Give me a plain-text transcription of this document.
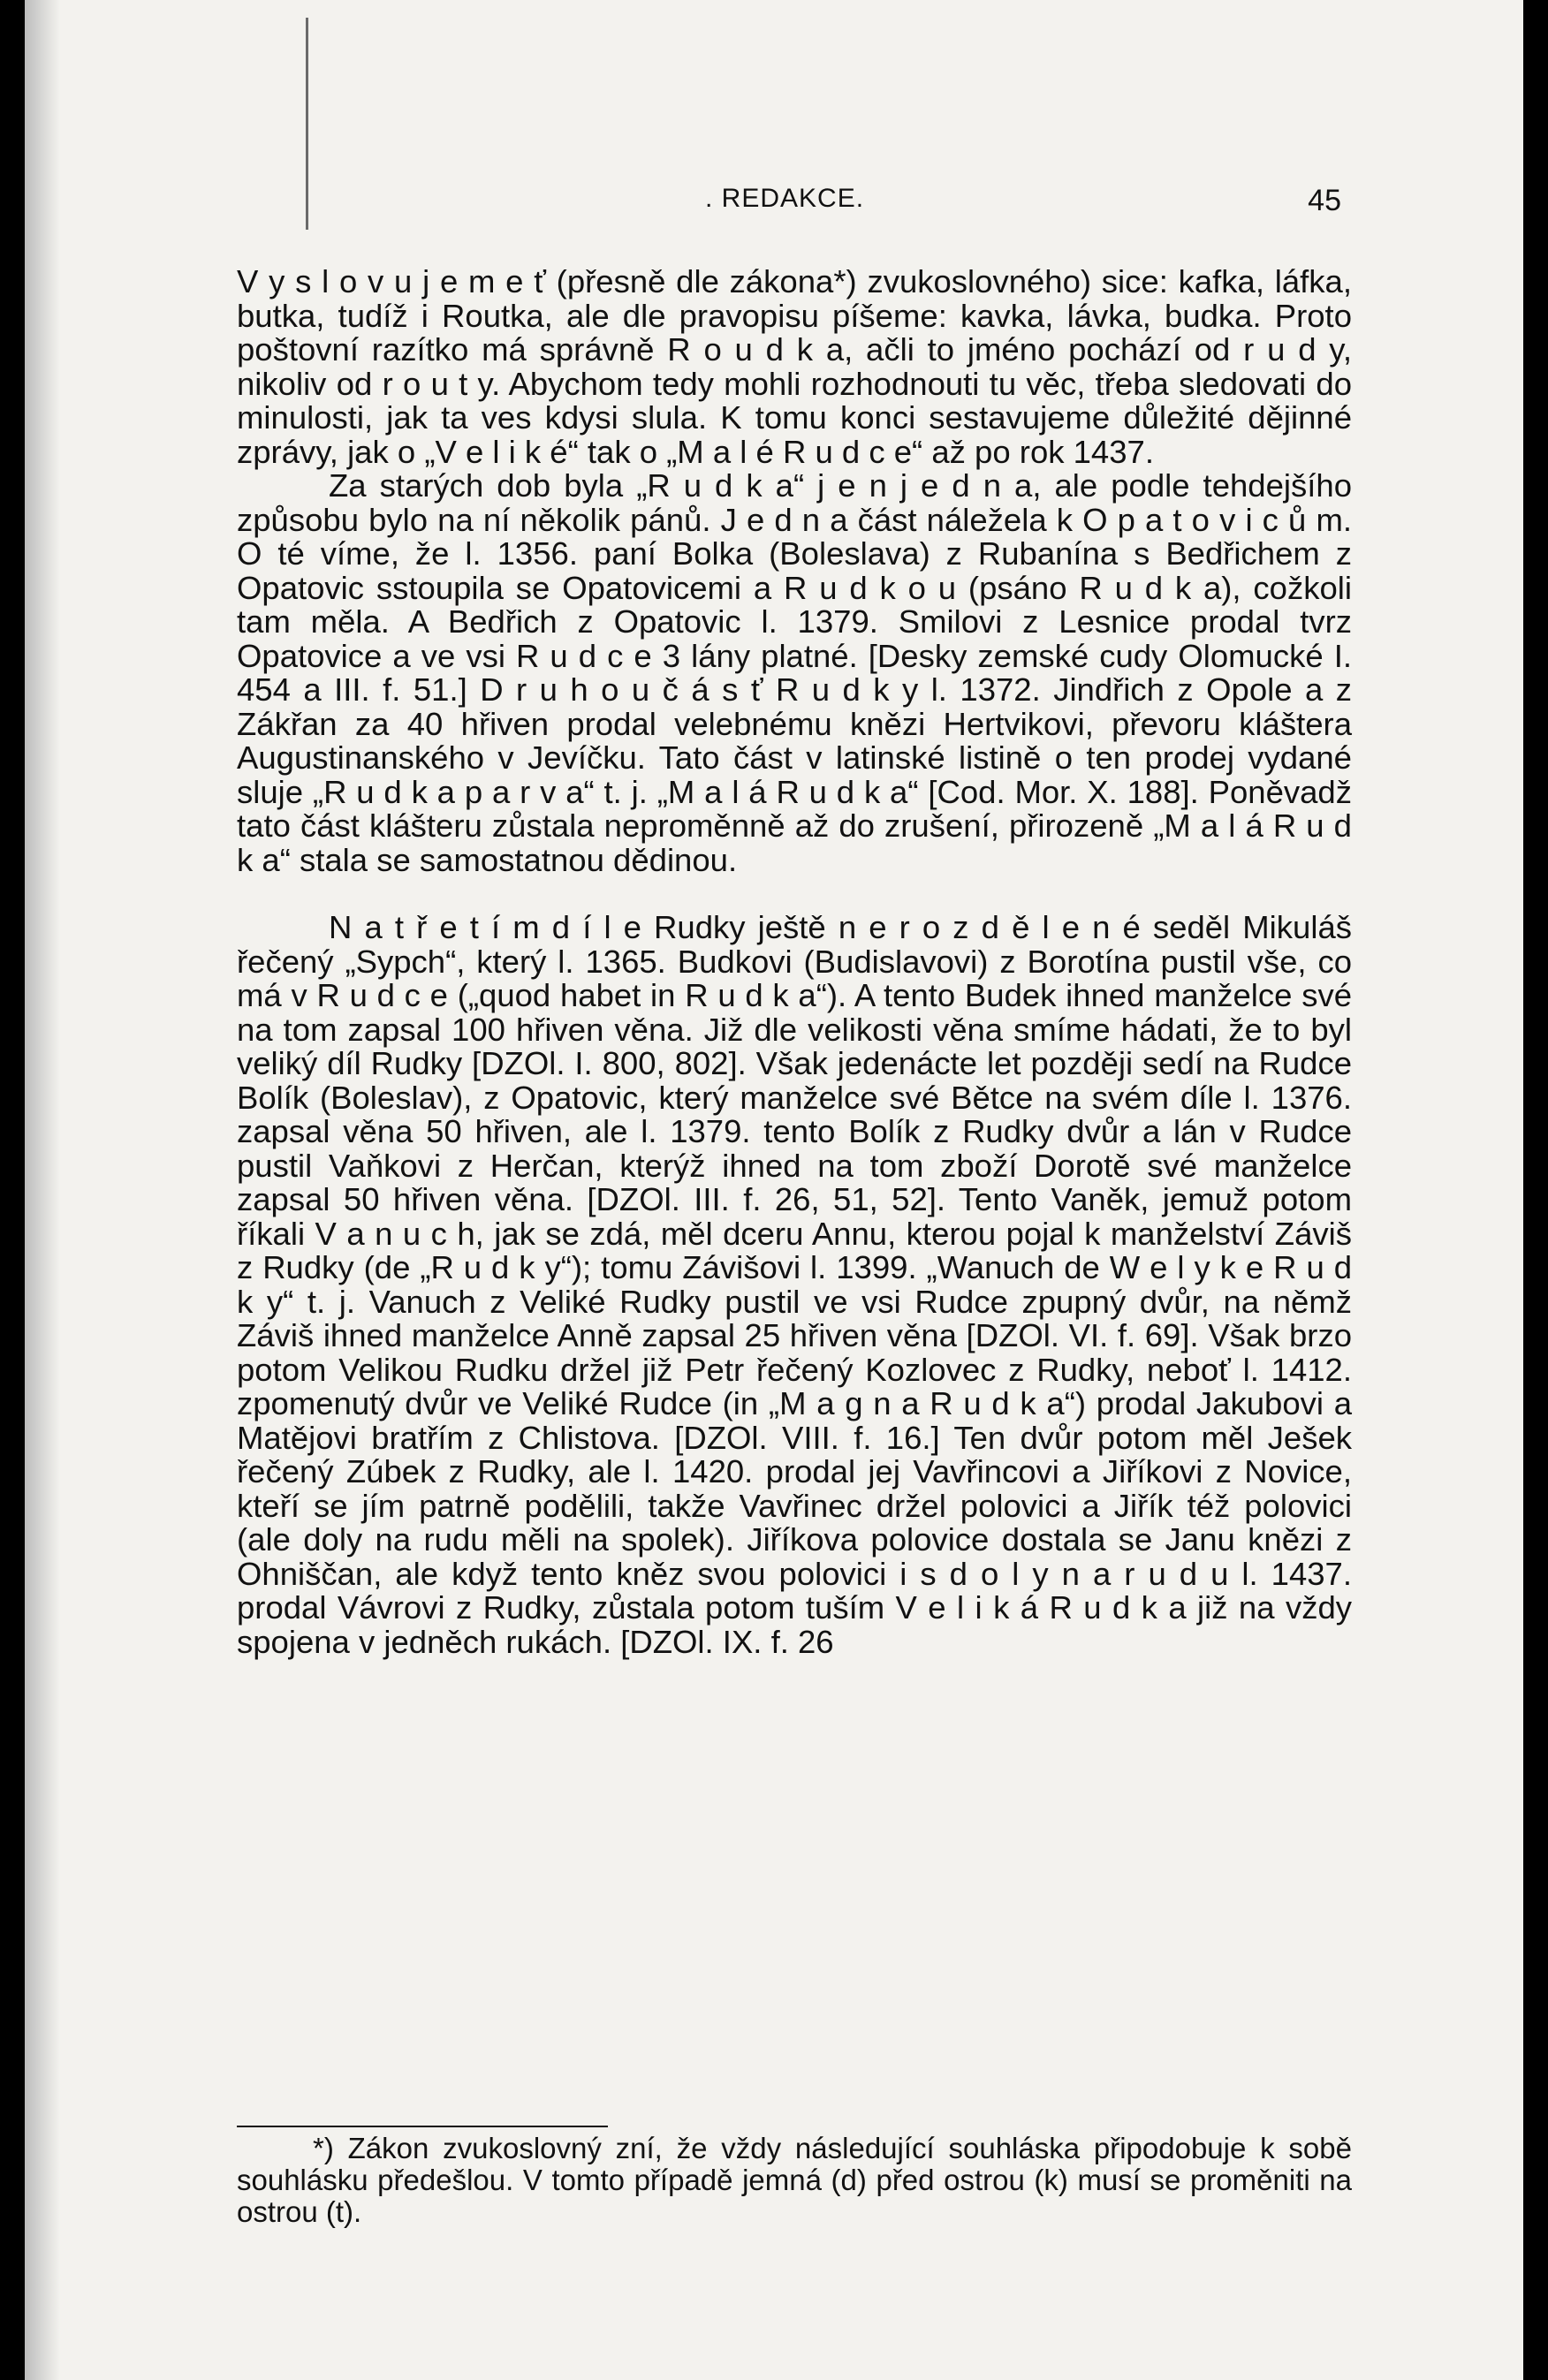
. REDAKCE.	45

V y s l o v u j e m e ť (přesně dle zákona*) zvukoslovného) sice: kafka, láfka, butka, tudíž i Routka, ale dle pravopisu píšeme: kavka, lávka, budka. Proto poštovní razítko má správně R o u d k a, ačli to jméno pochází od r u d y, nikoliv od r o u t y. Abychom tedy mohli rozhodnouti tu věc, třeba sledovati do minulosti, jak ta ves kdysi slula. K tomu konci sestavujeme důležité dějinné zprávy, jak o „V e l i k é“ tak o „M a l é R u d c e“ až po rok 1437.

Za starých dob byla „R u d k a“ j e n j e d n a, ale podle tehdejšího způsobu bylo na ní několik pánů. J e d n a část náležela k O p a t o v i c ů m. O té víme, že l. 1356. paní Bolka (Boleslava) z Rubanína s Bedřichem z Opatovic sstoupila se Opatovicemi a R u d k o u (psáno R u d k a), cožkoli tam měla. A Bedřich z Opatovic l. 1379. Smilovi z Lesnice prodal tvrz Opatovice a ve vsi R u d c e 3 lány platné. [Desky zemské cudy Olomucké I. 454 a III. f. 51.] D r u h o u č á s ť R u d k y l. 1372. Jindřich z Opole a z Zákřan za 40 hřiven prodal velebnému knězi Hertvikovi, převoru kláštera Augustinanského v Jevíčku. Tato část v latinské listině o ten prodej vydané sluje „R u d k a p a r v a“ t. j. „M a l á R u d k a“ [Cod. Mor. X. 188]. Poněvadž tato část klášteru zůstala neproměnně až do zrušení, přirozeně „M a l á R u d k a“ stala se samostatnou dědinou.

N a t ř e t í m d í l e Rudky ještě n e r o z d ě l e n é seděl Mikuláš řečený „Sypch“, který l. 1365. Budkovi (Budislavovi) z Borotína pustil vše, co má v R u d c e („quod habet in R u d k a“). A tento Budek ihned manželce své na tom zapsal 100 hřiven věna. Již dle velikosti věna smíme hádati, že to byl veliký díl Rudky [DZOl. I. 800, 802]. Však jedenácte let později sedí na Rudce Bolík (Boleslav), z Opatovic, který manželce své Bětce na svém díle l. 1376. zapsal věna 50 hřiven, ale l. 1379. tento Bolík z Rudky dvůr a lán v Rudce pustil Vaňkovi z Herčan, kterýž ihned na tom zboží Dorotě své manželce zapsal 50 hřiven věna. [DZOl. III. f. 26, 51, 52]. Tento Vaněk, jemuž potom říkali V a n u c h, jak se zdá, měl dceru Annu, kterou pojal k manželství Záviš z Rudky (de „R u d k y“); tomu Závišovi l. 1399. „Wanuch de W e l y k e R u d k y“ t. j. Vanuch z Veliké Rudky pustil ve vsi Rudce zpupný dvůr, na němž Záviš ihned manželce Anně zapsal 25 hřiven věna [DZOl. VI. f. 69]. Však brzo potom Velikou Rudku držel již Petr řečený Kozlovec z Rudky, neboť l. 1412. zpomenutý dvůr ve Veliké Rudce (in „M a g n a R u d k a“) prodal Jakubovi a Matějovi bratřím z Chlistova. [DZOl. VIII. f. 16.] Ten dvůr potom měl Ješek řečený Zúbek z Rudky, ale l. 1420. prodal jej Vavřincovi a Jiříkovi z Novice, kteří se jím patrně podělili, takže Vavřinec držel polovici a Jiřík též polovici (ale doly na rudu měli na spolek). Jiříkova polovice dostala se Janu knězi z Ohniščan, ale když tento kněz svou polovici i s d o l y n a r u d u l. 1437. prodal Vávrovi z Rudky, zůstala potom tuším V e l i k á R u d k a již na vždy spojena v jedněch rukách. [DZOl. IX. f. 26

*) Zákon zvukoslovný zní, že vždy následující souhláska připodobuje k sobě souhlásku předešlou. V tomto případě jemná (d) před ostrou (k) musí se proměniti na ostrou (t).
